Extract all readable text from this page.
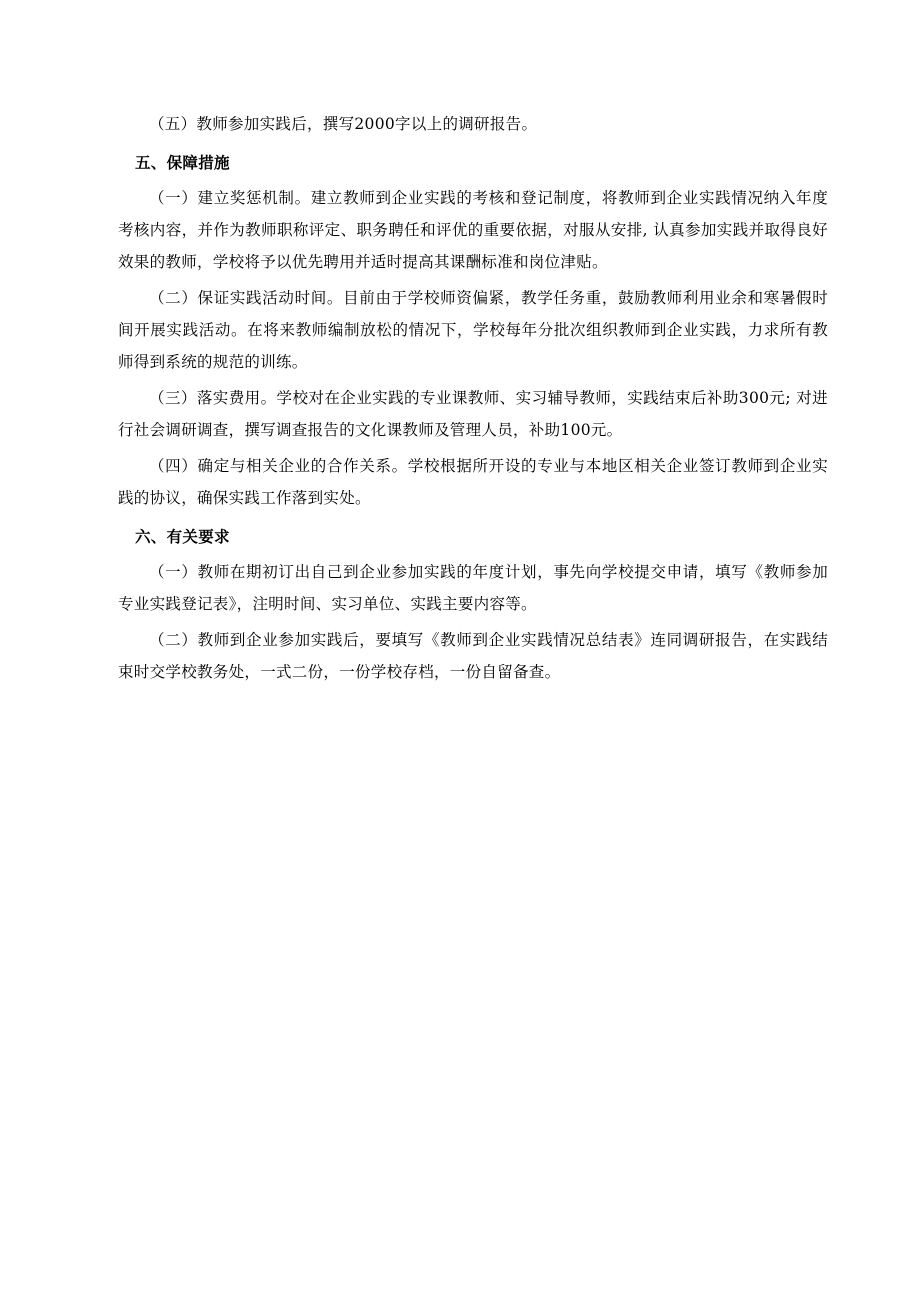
（五）教师参加实践后，撰写2000字以上的调研报告。

五、保障措施

（一）建立奖惩机制。建立教师到企业实践的考核和登记制度，将教师到企业实践情况纳入年度考核内容，并作为教师职称评定、职务聘任和评优的重要依据，对服从安排, 认真参加实践并取得良好效果的教师，学校将予以优先聘用并适时提高其课酬标准和岗位津贴。

（二）保证实践活动时间。目前由于学校师资偏紧，教学任务重，鼓励教师利用业余和寒暑假时间开展实践活动。在将来教师编制放松的情况下，学校每年分批次组织教师到企业实践，力求所有教师得到系统的规范的训练。

（三）落实费用。学校对在企业实践的专业课教师、实习辅导教师，实践结束后补助300元; 对进行社会调研调查，撰写调查报告的文化课教师及管理人员，补助100元。

（四）确定与相关企业的合作关系。学校根据所开设的专业与本地区相关企业签订教师到企业实践的协议，确保实践工作落到实处。

六、有关要求

（一）教师在期初订出自己到企业参加实践的年度计划，事先向学校提交申请，填写《教师参加专业实践登记表》，注明时间、实习单位、实践主要内容等。

（二）教师到企业参加实践后，要填写《教师到企业实践情况总结表》连同调研报告，在实践结束时交学校教务处，一式二份，一份学校存档，一份自留备查。
